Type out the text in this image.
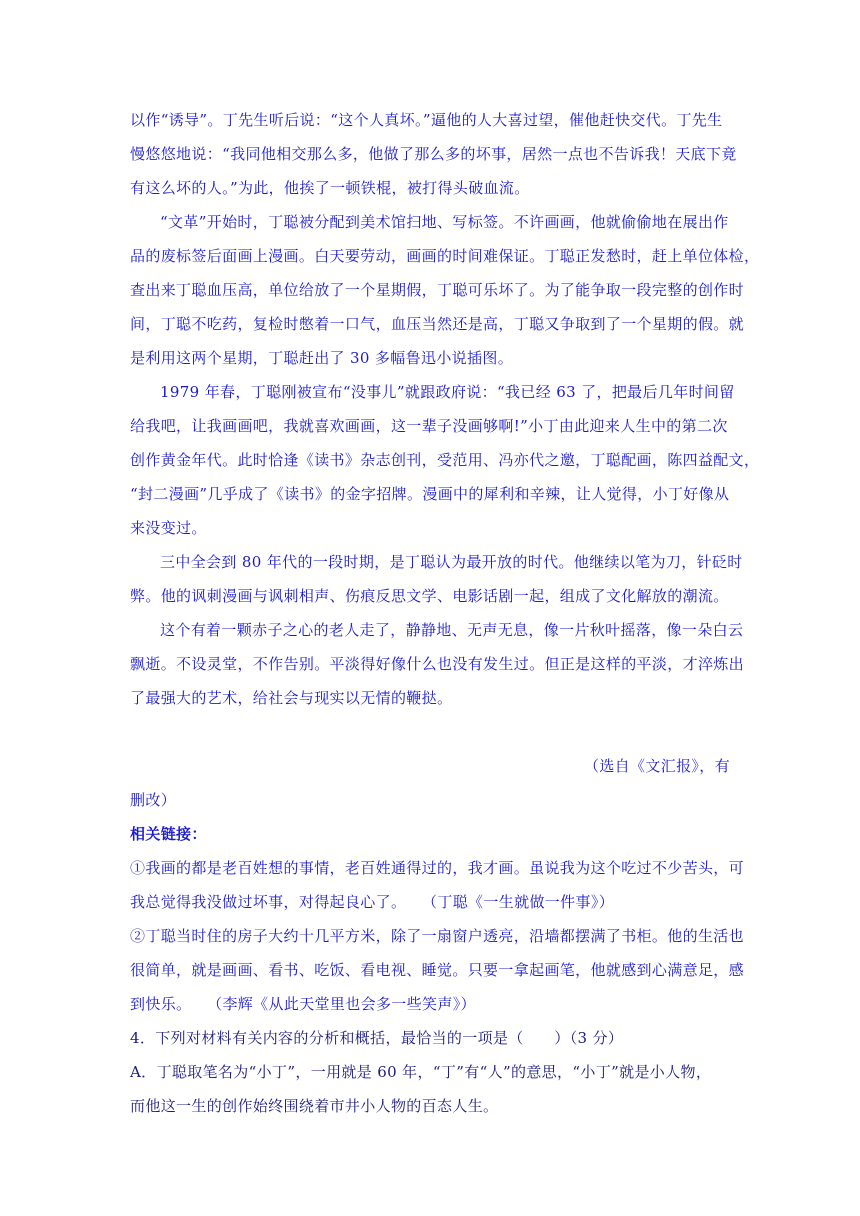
以作“诱导”。丁先生听后说：“这个人真坏。”逼他的人大喜过望，催他赶快交代。丁先生
慢悠悠地说：“我同他相交那么多，他做了那么多的坏事，居然一点也不告诉我！天底下竟
有这么坏的人。”为此，他挨了一顿铁棍，被打得头破血流。
“文革”开始时，丁聪被分配到美术馆扫地、写标签。不许画画，他就偷偷地在展出作
品的废标签后面画上漫画。白天要劳动，画画的时间难保证。丁聪正发愁时，赶上单位体检，
查出来丁聪血压高，单位给放了一个星期假，丁聪可乐坏了。为了能争取一段完整的创作时
间，丁聪不吃药，复检时憋着一口气，血压当然还是高，丁聪又争取到了一个星期的假。就
是利用这两个星期，丁聪赶出了 30 多幅鲁迅小说插图。
1979 年春，丁聪刚被宣布“没事儿”就跟政府说：“我已经 63 了，把最后几年时间留
给我吧，让我画画吧，我就喜欢画画，这一辈子没画够啊!”小丁由此迎来人生中的第二次
创作黄金年代。此时恰逢《读书》杂志创刊，受范用、冯亦代之邀，丁聪配画，陈四益配文，
“封二漫画”几乎成了《读书》的金字招牌。漫画中的犀利和辛辣，让人觉得，小丁好像从
来没变过。
三中全会到 80 年代的一段时期，是丁聪认为最开放的时代。他继续以笔为刀，针砭时
弊。他的讽刺漫画与讽刺相声、伤痕反思文学、电影话剧一起，组成了文化解放的潮流。
这个有着一颗赤子之心的老人走了，静静地、无声无息，像一片秋叶摇落，像一朵白云
飘逝。不设灵堂，不作告别。平淡得好像什么也没有发生过。但正是这样的平淡，才淬炼出
了最强大的艺术，给社会与现实以无情的鞭挞。
（选自《文汇报》，有
删改）
相关链接：
①我画的都是老百姓想的事情，老百姓通得过的，我才画。虽说我为这个吃过不少苦头，可
我总觉得我没做过坏事，对得起良心了。　　（丁聪《一生就做一件事》）
②丁聪当时住的房子大约十几平方米，除了一扇窗户透亮，沿墙都摆满了书柜。他的生活也
很简单，就是画画、看书、吃饭、看电视、睡觉。只要一拿起画笔，他就感到心满意足，感
到快乐。　　（李辉《从此天堂里也会多一些笑声》）
4．下列对材料有关内容的分析和概括，最恰当的一项是（　　）（3 分）
A．丁聪取笔名为“小丁”，一用就是 60 年，“丁”有“人”的意思，“小丁”就是小人物，
而他这一生的创作始终围绕着市井小人物的百态人生。
